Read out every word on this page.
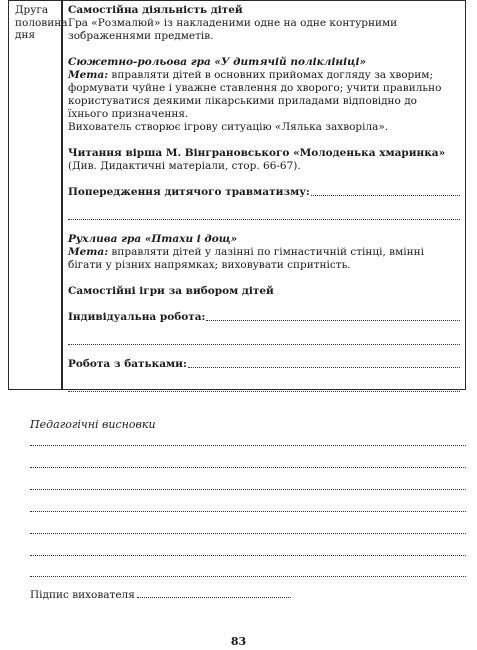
Друга половина дня

Самостійна діяльність дітей

Гра «Розмалюй» із накладеними одне на одне контурними зображеннями предметів.

Сюжетно-рольова гра «У дитячій поліклініці»

Мета: вправляти дітей в основних прийомах догляду за хворим; формувати чуйне і уважне ставлення до хворого; учити правильно користуватися деякими лікарськими приладами відповідно до їхнього призначення.

Вихователь створює ігрову ситуацію «Лялька захворіла».

Читання вірша М. Вінграновського «Молоденька хмаринка»

(Див. Дидактичні матеріали, стор. 66-67).

Попередження дитячого травматизму:

Рухлива гра «Птахи і дощ»

Мета: вправляти дітей у лазінні по гімнастичній стінці, вмінні бігати у різних напрямках; виховувати спритність.

Самостійні ігри за вибором дітей

Індивідуальна робота:
Робота з батьками:
Педагогічні висновки
Підпис вихователя
83
